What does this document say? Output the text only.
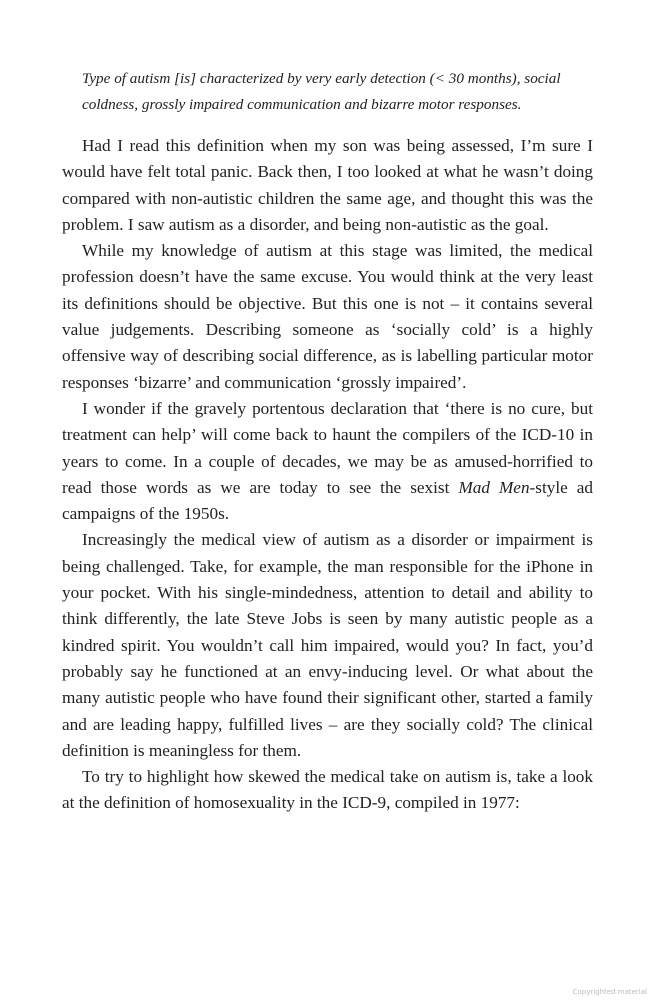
Type of autism [is] characterized by very early detection (< 30 months), social
coldness, grossly impaired communication and bizarre motor responses.

Had I read this definition when my son was being assessed, I’m sure I would have felt total panic. Back then, I too looked at what he wasn’t doing compared with non-autistic children the same age, and thought this was the problem. I saw autism as a disorder, and being non-autistic as the goal.

While my knowledge of autism at this stage was limited, the medical profession doesn’t have the same excuse. You would think at the very least its definitions should be objective. But this one is not – it contains several value judgements. Describing someone as ‘socially cold’ is a highly offensive way of describing social difference, as is labelling particular motor responses ‘bizarre’ and communication ‘grossly impaired’.

I wonder if the gravely portentous declaration that ‘there is no cure, but treatment can help’ will come back to haunt the compilers of the ICD-10 in years to come. In a couple of decades, we may be as amused-horrified to read those words as we are today to see the sexist Mad Men-style ad campaigns of the 1950s.

Increasingly the medical view of autism as a disorder or impairment is being challenged. Take, for example, the man responsible for the iPhone in your pocket. With his single-mindedness, attention to detail and ability to think differently, the late Steve Jobs is seen by many autistic people as a kindred spirit. You wouldn’t call him impaired, would you? In fact, you’d probably say he functioned at an envy-inducing level. Or what about the many autistic people who have found their significant other, started a family and are leading happy, fulfilled lives – are they socially cold? The clinical definition is meaningless for them.

To try to highlight how skewed the medical take on autism is, take a look at the definition of homosexuality in the ICD-9, compiled in 1977:

Copyrighted material
